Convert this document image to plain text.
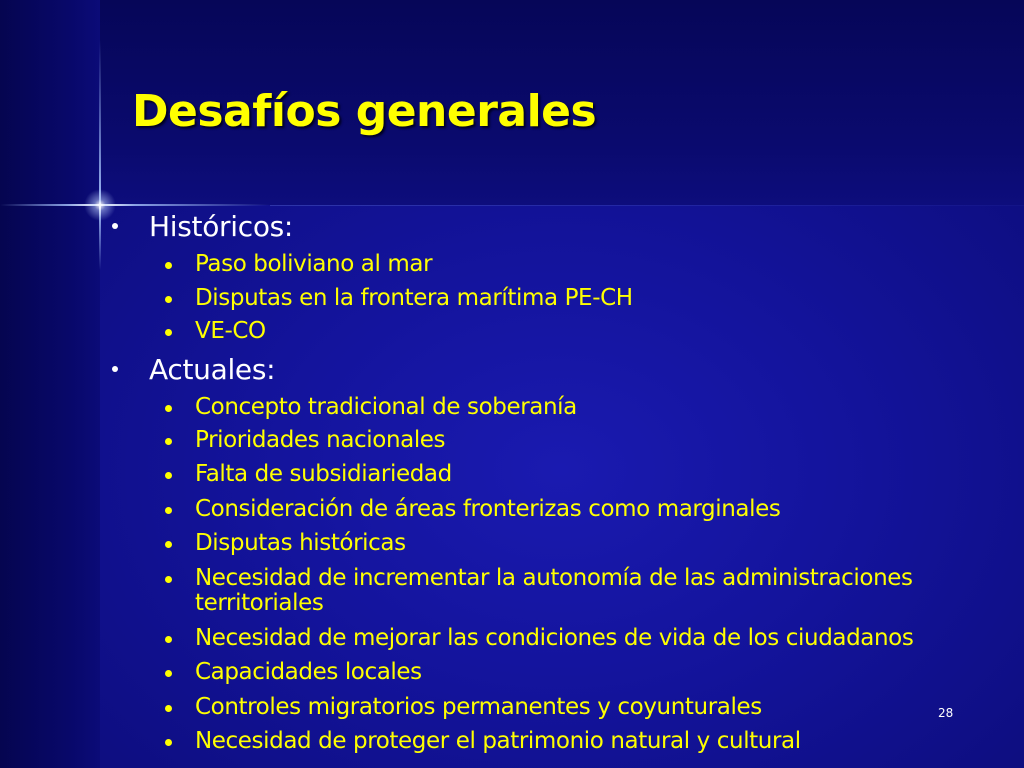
Desafíos generales
Históricos:
Paso boliviano al mar
Disputas en la frontera marítima PE-CH
VE-CO
Actuales:
Concepto tradicional de soberanía
Prioridades nacionales
Falta de subsidiariedad
Consideración de áreas fronterizas como marginales
Disputas históricas
Necesidad de incrementar la autonomía de las administraciones
territoriales
Necesidad de mejorar las condiciones de vida de los ciudadanos
Capacidades locales
Controles migratorios permanentes y coyunturales
Necesidad de proteger el patrimonio natural y cultural
28
